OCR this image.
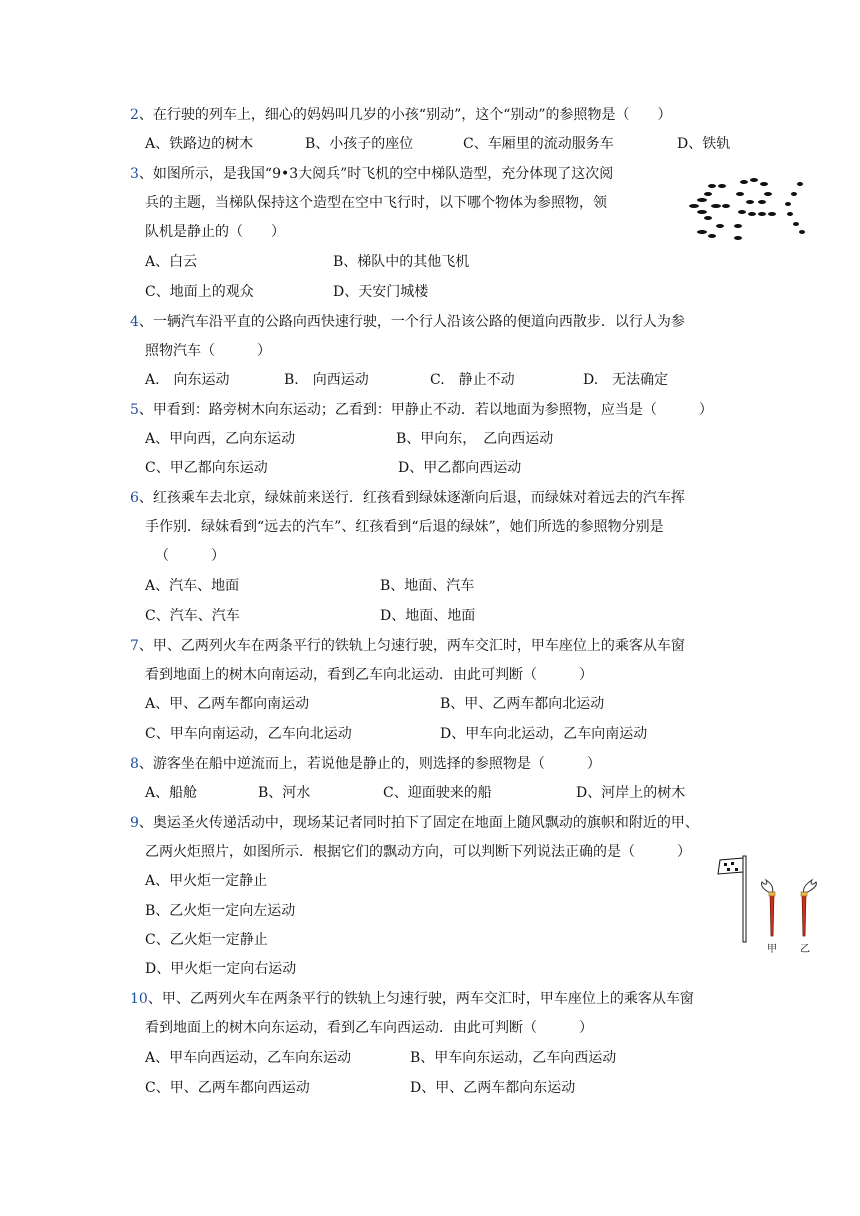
2、在行驶的列车上，细心的妈妈叫几岁的小孩“别动”，这个“别动”的参照物是（　　）
A、铁路边的树木	B、小孩子的座位	C、车厢里的流动服务车	D、铁轨
3、如图所示，是我国“9•3大阅兵”时飞机的空中梯队造型，充分体现了这次阅
兵的主题，当梯队保持这个造型在空中飞行时，以下哪个物体为参照物，领
队机是静止的（　　）
A、白云	B、梯队中的其他飞机
C、地面上的观众	D、天安门城楼
4、一辆汽车沿平直的公路向西快速行驶，一个行人沿该公路的便道向西散步．以行人为参
照物汽车（　　　）
A.　向东运动	B.　向西运动	C.　静止不动	D.　无法确定
5、甲看到：路旁树木向东运动；乙看到：甲静止不动．若以地面为参照物，应当是（　　　）
A、甲向西，乙向东运动	B、甲向东，　乙向西运动
C、甲乙都向东运动	D、甲乙都向西运动
6、红孩乘车去北京，绿妹前来送行．红孩看到绿妹逐渐向后退，而绿妹对着远去的汽车挥
手作别．绿妹看到“远去的汽车”、红孩看到“后退的绿妹”，她们所选的参照物分别是
（　　　）
A、汽车、地面	B、地面、汽车
C、汽车、汽车	D、地面、地面
7、甲、乙两列火车在两条平行的铁轨上匀速行驶，两车交汇时，甲车座位上的乘客从车窗
看到地面上的树木向南运动，看到乙车向北运动．由此可判断（　　　）
A、甲、乙两车都向南运动	B、甲、乙两车都向北运动
C、甲车向南运动，乙车向北运动	D、甲车向北运动，乙车向南运动
8、游客坐在船中逆流而上，若说他是静止的，则选择的参照物是（　　　）
A、船舱	B、河水	C、迎面驶来的船	D、河岸上的树木
9、奥运圣火传递活动中，现场某记者同时拍下了固定在地面上随风飘动的旗帜和附近的甲、
乙两火炬照片，如图所示．根据它们的飘动方向，可以判断下列说法正确的是（　　　）
A、甲火炬一定静止
B、乙火炬一定向左运动
C、乙火炬一定静止
D、甲火炬一定向右运动
甲 乙
10、甲、乙两列火车在两条平行的铁轨上匀速行驶，两车交汇时，甲车座位上的乘客从车窗
看到地面上的树木向东运动，看到乙车向西运动．由此可判断（　　　）
A、甲车向西运动，乙车向东运动	B、甲车向东运动，乙车向西运动
C、甲、乙两车都向西运动	D、甲、乙两车都向东运动
